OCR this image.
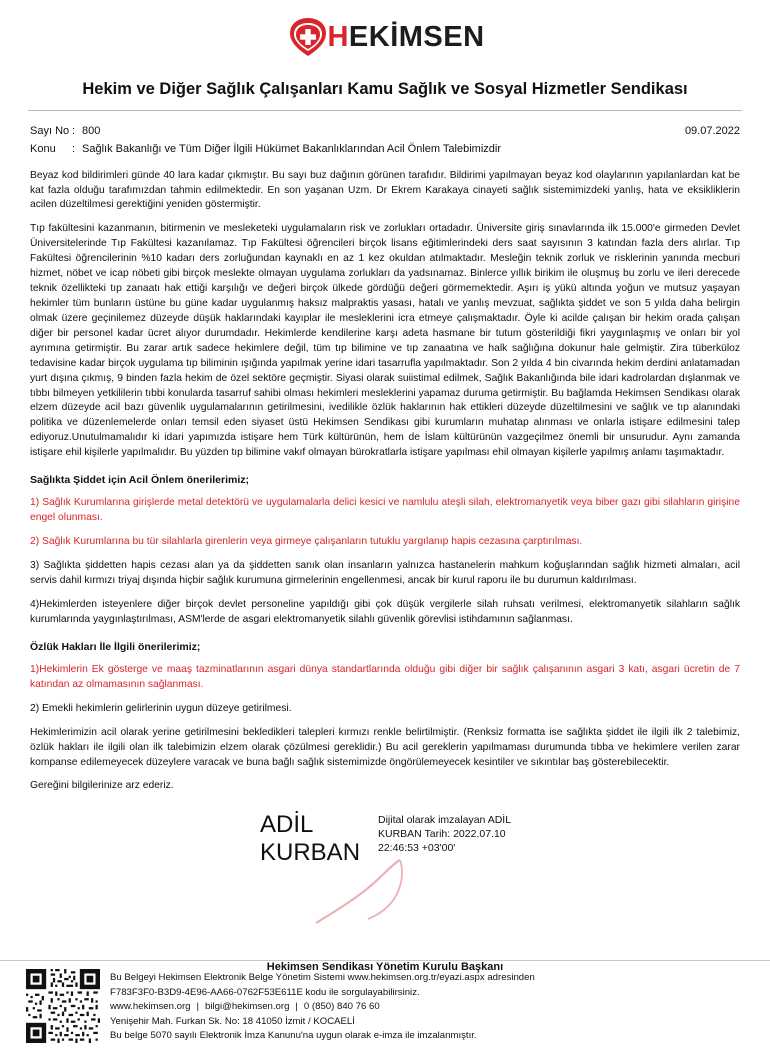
HEKİMSEN
Hekim ve Diğer Sağlık Çalışanları Kamu Sağlık ve Sosyal Hizmetler Sendikası
Sayı No : 800	09.07.2022
Konu	: Sağlık Bakanlığı ve Tüm Diğer İlgili Hükümet Bakanlıklarından Acil Önlem Talebimizdir

Beyaz kod bildirimleri günde 40 lara kadar çıkmıştır. Bu sayı buz dağının görünen tarafıdır. Bildirimi yapılmayan beyaz kod olaylarının yapılanlardan kat be kat fazla olduğu tarafımızdan tahmin edilmektedir. En son yaşanan Uzm. Dr Ekrem Karakaya cinayeti sağlık sistemimizdeki yanlış, hata ve eksikliklerin acilen düzeltilmesi gerektiğini yeniden göstermiştir.

Tıp fakültesini kazanmanın, bitirmenin ve mesleketeki uygulamaların risk ve zorlukları ortadadır. Üniversite giriş sınavlarında ilk 15.000'e girmeden Devlet Üniversitelerinde Tıp Fakültesi kazanılamaz. Tıp Fakültesi öğrencileri birçok lisans eğitimlerindeki ders saat sayısının 3 katından fazla ders alırlar. Tıp Fakültesi öğrencilerinin %10 kadarı ders zorluğundan kaynaklı en az 1 kez okuldan atılmaktadır. Mesleğin teknik zorluk ve risklerinin yanında mecburi hizmet, nöbet ve icap nöbeti gibi birçok meslekte olmayan uygulama zorlukları da yadsınamaz. Binlerce yıllık birikim ile oluşmuş bu zorlu ve ileri derecede teknik özellikteki tıp zanaatı hak ettiği karşılığı ve değeri birçok ülkede gördüğü değeri görmemektedir. Aşırı iş yükü altında yoğun ve mutsuz yaşayan hekimler tüm bunların üstüne bu güne kadar uygulanmış haksız malpraktis yasası, hatalı ve yanlış mevzuat, sağlıkta şiddet ve son 5 yılda daha belirgin olmak üzere geçinilemez düzeyde düşük haklarındaki kayıplar ile mesleklerini icra etmeye çalışmaktadır. Öyle ki acilde çalışan bir hekim orada çalışan diğer bir personel kadar ücret alıyor durumdadır. Hekimlerde kendilerine karşı adeta hasmane bir tutum gösterildiği fikri yaygınlaşmış ve onları bir yol ayrımına getirmiştir. Bu zarar artık sadece hekimlere değil, tüm tıp bilimine ve tıp zanaatına ve halk sağlığına dokunur hale gelmiştir. Zira tüberküloz tedavisine kadar birçok uygulama tıp biliminin ışığında yapılmak yerine idari tasarrufla yapılmaktadır. Son 2 yılda 4 bin civarında hekim derdini anlatamadan yurt dışına çıkmış, 9 binden fazla hekim de özel sektöre geçmiştir. Siyasi olarak suiistimal edilmek, Sağlık Bakanlığında bile idari kadrolardan dışlanmak ve tıbbı bilmeyen yetkililerin tıbbi konularda tasarruf sahibi olması hekimleri mesleklerini yapamaz duruma getirmiştir. Bu bağlamda Hekimsen Sendikası olarak elzem düzeyde acil bazı güvenlik uygulamalarının getirilmesini, ivedilikle özlük haklarının hak ettikleri düzeyde düzeltilmesini ve sağlık ve tıp alanındaki politika ve düzenlemelerde onları temsil eden siyaset üstü Hekimsen Sendikası gibi kurumların muhatap alınması ve onlarla istişare edilmesini talep ediyoruz.Unutulmamalıdır ki idari yapımızda istişare hem Türk kültürünün, hem de İslam kültürünün vazgeçilmez önemli bir unsurudur. Aynı zamanda istişare ehil kişilerle yapılmalıdır. Bu yüzden tıp bilimine vakıf olmayan bürokratlarla istişare yapılması ehil olmayan kişilerle yapılmış anlamı taşımaktadır.

Sağlıkta Şiddet için Acil Önlem önerilerimiz;

1) Sağlık Kurumlarına girişlerde metal detektörü ve uygulamalarla delici kesici ve namlulu ateşli silah, elektromanyetik veya biber gazı gibi silahların girişine engel olunması.

2) Sağlık Kurumlarına bu tür silahlarla girenlerin veya girmeye çalışanların tutuklu yargılanıp hapis cezasına çarptırılması.

3) Sağlıkta şiddetten hapis cezası alan ya da şiddetten sanık olan insanların yalnızca hastanelerin mahkum koğuşlarından sağlık hizmeti almaları, acil servis dahil kırmızı triyaj dışında hiçbir sağlık kurumuna girmelerinin engellenmesi, ancak bir kurul raporu ile bu durumun kaldırılması.

4)Hekimlerden isteyenlere diğer birçok devlet personeline yapıldığı gibi çok düşük vergilerle silah ruhsatı verilmesi, elektromanyetik silahların sağlık kurumlarında yaygınlaştırılması, ASM'lerde de asgari elektromanyetik silahlı güvenlik görevlisi istihdamının sağlanması.

Özlük Hakları İle İlgili önerilerimiz;

1)Hekimlerin Ek gösterge ve maaş tazminatlarının asgari dünya standartlarında olduğu gibi diğer bir sağlık çalışanının asgari 3 katı, asgari ücretin de 7 katından az olmamasının sağlanması.

2) Emekli hekimlerin gelirlerinin uygun düzeye getirilmesi.

Hekimlerimizin acil olarak yerine getirilmesini bekledikleri talepleri kırmızı renkle belirtilmiştir. (Renksiz formatta ise sağlıkta şiddet ile ilgili ilk 2 talebimiz, özlük hakları ile ilgili olan ilk talebimizin elzem olarak çözülmesi gereklidir.) Bu acil gereklerin yapılmaması durumunda tıbba ve hekimlere verilen zarar kompanse edilemeyecek düzeylere varacak ve buna bağlı sağlık sistemimizde öngörülemeyecek kesintiler ve sıkıntılar baş gösterebilecektir.

Gereğini bilgilerinize arz ederiz.
ADİL KURBAN
Dijital olarak imzalayan ADİL KURBAN Tarih: 2022.07.10 22:46:53 +03'00'
Hekimsen Sendikası Yönetim Kurulu Başkanı
Bu Belgeyi Hekimsen Elektronik Belge Yönetim Sistemi www.hekimsen.org.tr/eyazi.aspx adresinden
F783F3F0-B3D9-4E96-AA66-0762F53E611E kodu ile sorgulayabilirsiniz.
www.hekimsen.org | bilgi@hekimsen.org | 0 (850) 840 76 60
Yenişehir Mah. Furkan Sk. No: 18 41050 İzmit / KOCAELİ
Bu belge 5070 sayılı Elektronik İmza Kanunu'na uygun olarak e-imza ile imzalanmıştır.
